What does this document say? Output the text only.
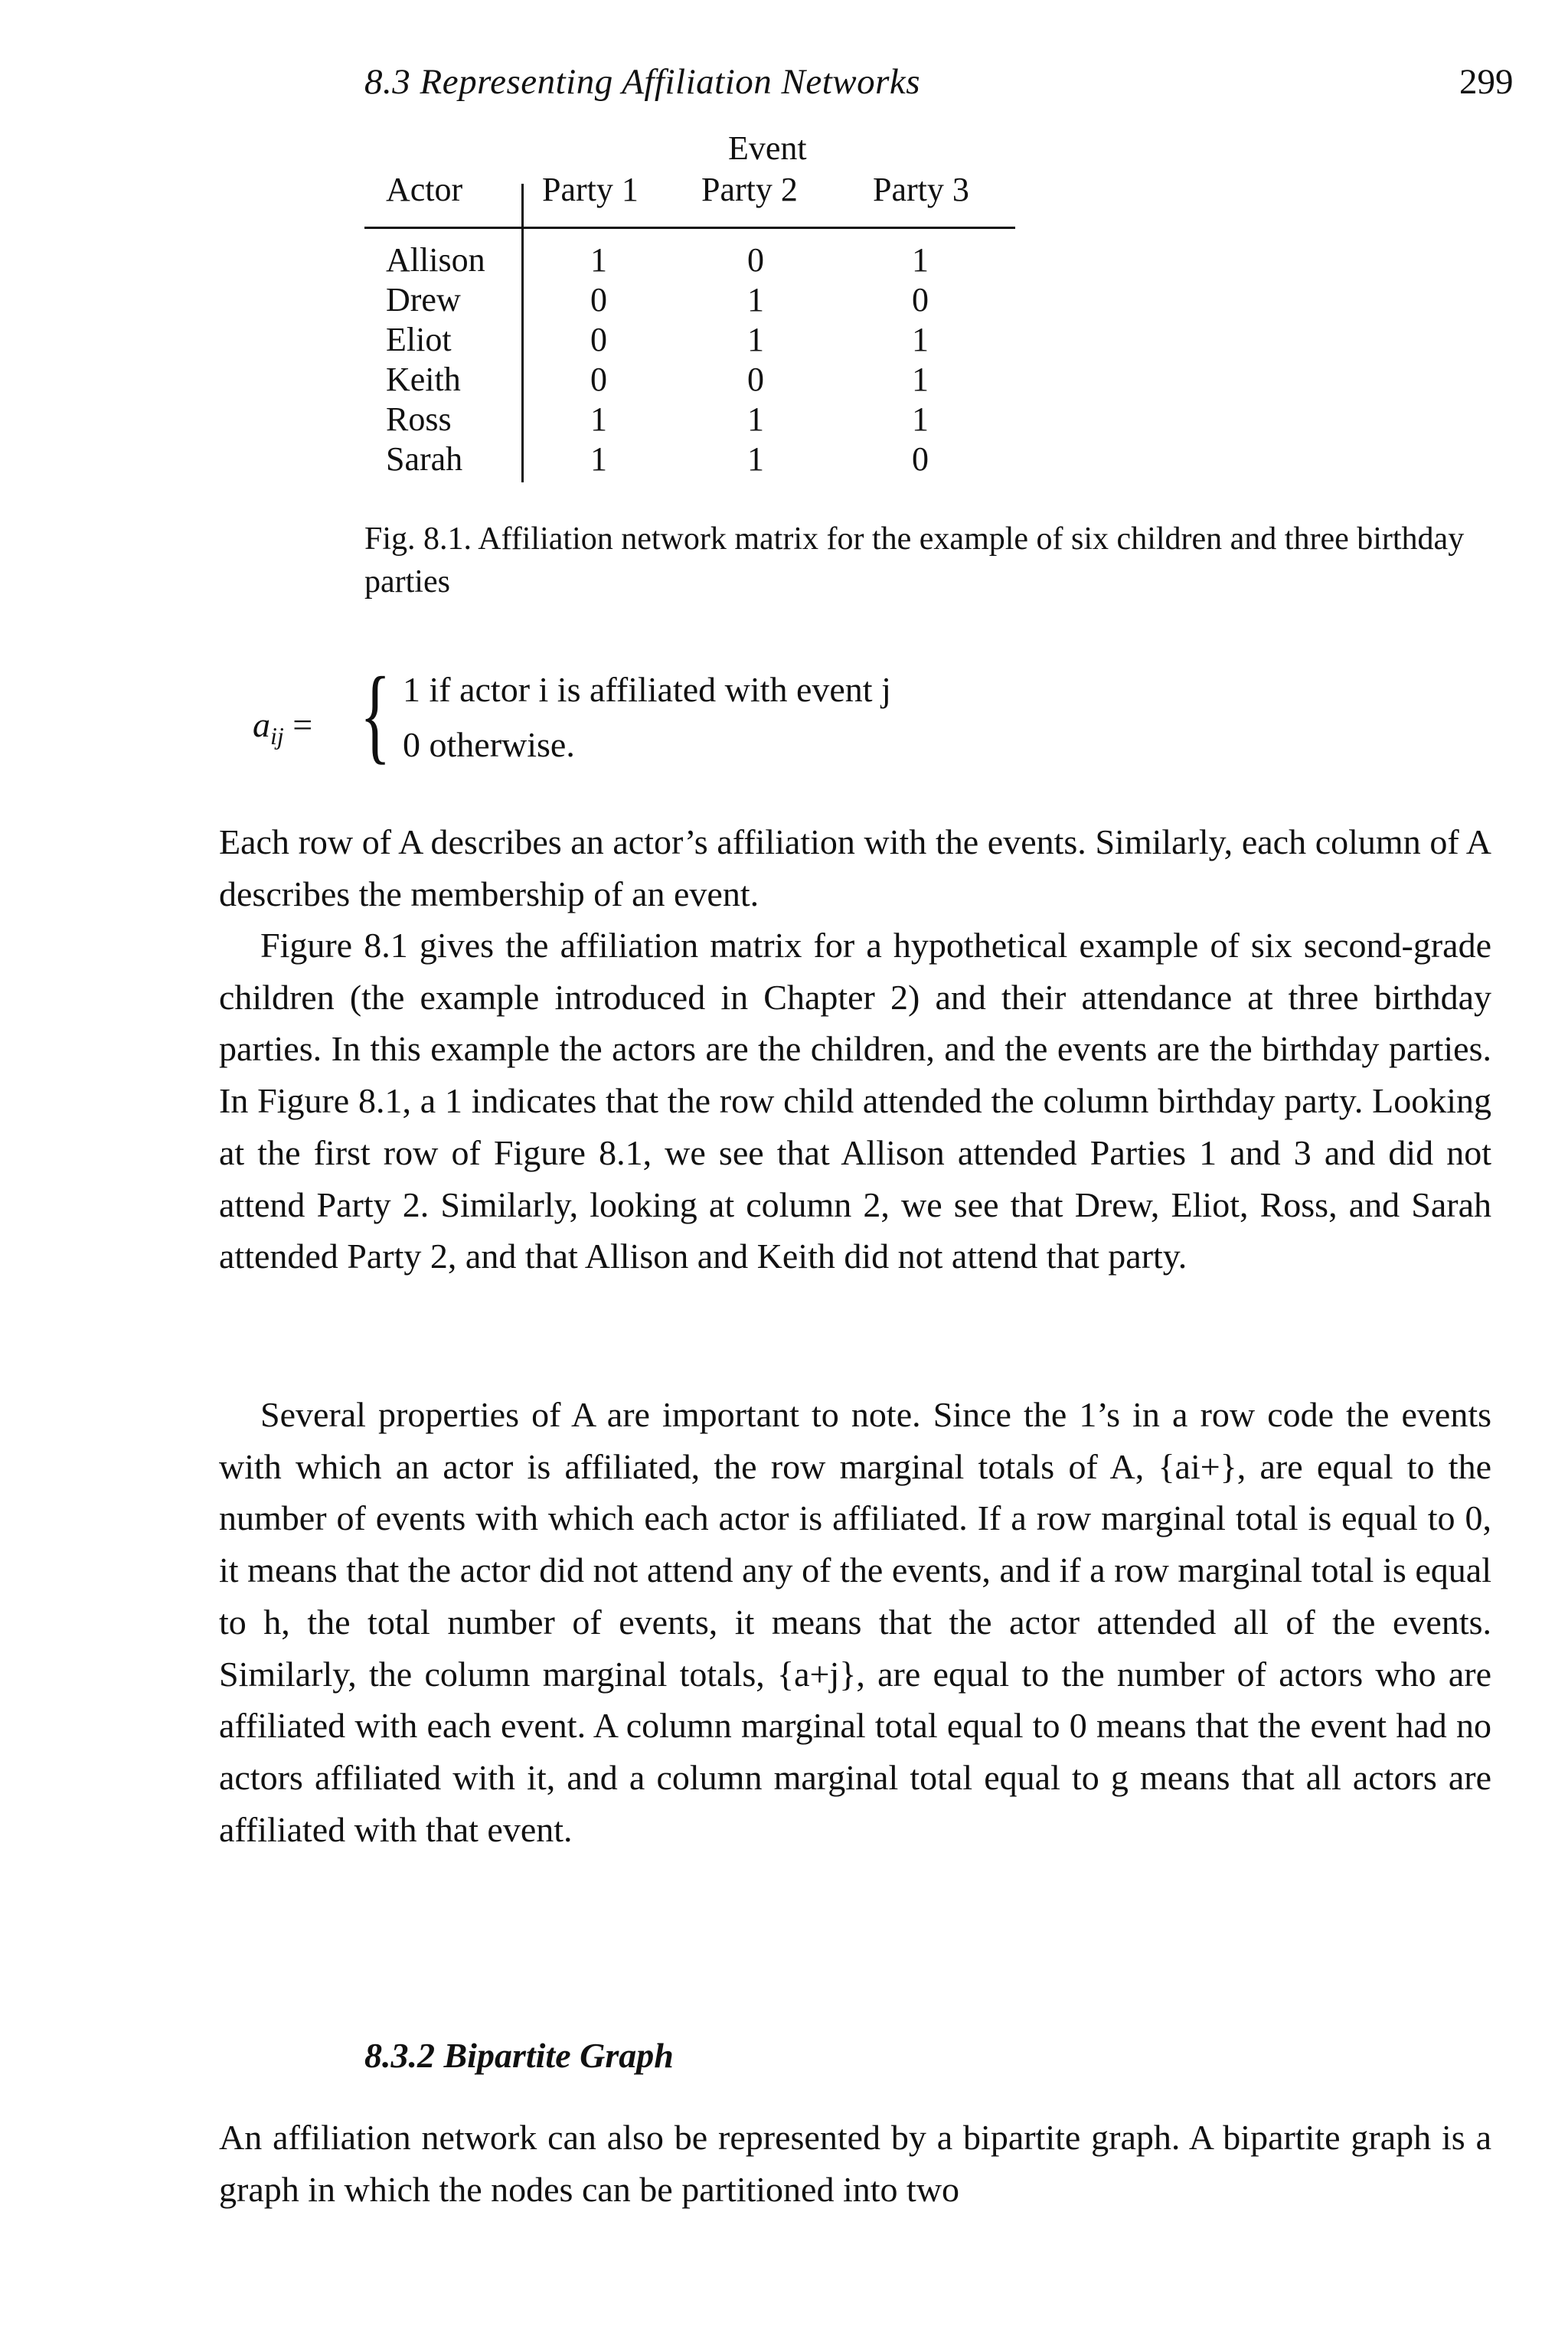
8.3 Representing Affiliation Networks	299
Event
Actor Party 1 Party 2 Party 3
Allison	1	0	1
Drew	0	1	0
Eliot	0	1	1
Keith	0	0	1
Ross	1	1	1
Sarah	1	1	0
Fig. 8.1. Affiliation network matrix for the example of six children and three birthday parties
$a_{ij}$ = { 1 if actor i is affiliated with event j
0 otherwise.
Each row of A describes an actor’s affiliation with the events. Similarly, each column of A describes the membership of an event.
Figure 8.1 gives the affiliation matrix for a hypothetical example of six second-grade children (the example introduced in Chapter 2) and their attendance at three birthday parties. In this example the actors are the children, and the events are the birthday parties. In Figure 8.1, a 1 indicates that the row child attended the column birthday party. Looking at the first row of Figure 8.1, we see that Allison attended Parties 1 and 3 and did not attend Party 2. Similarly, looking at column 2, we see that Drew, Eliot, Ross, and Sarah attended Party 2, and that Allison and Keith did not attend that party.
Several properties of A are important to note. Since the 1’s in a row code the events with which an actor is affiliated, the row marginal totals of A, {ai+}, are equal to the number of events with which each actor is affiliated. If a row marginal total is equal to 0, it means that the actor did not attend any of the events, and if a row marginal total is equal to h, the total number of events, it means that the actor attended all of the events. Similarly, the column marginal totals, {a+j}, are equal to the number of actors who are affiliated with each event. A column marginal total equal to 0 means that the event had no actors affiliated with it, and a column marginal total equal to g means that all actors are affiliated with that event.
8.3.2 Bipartite Graph
An affiliation network can also be represented by a bipartite graph. A bipartite graph is a graph in which the nodes can be partitioned into two
